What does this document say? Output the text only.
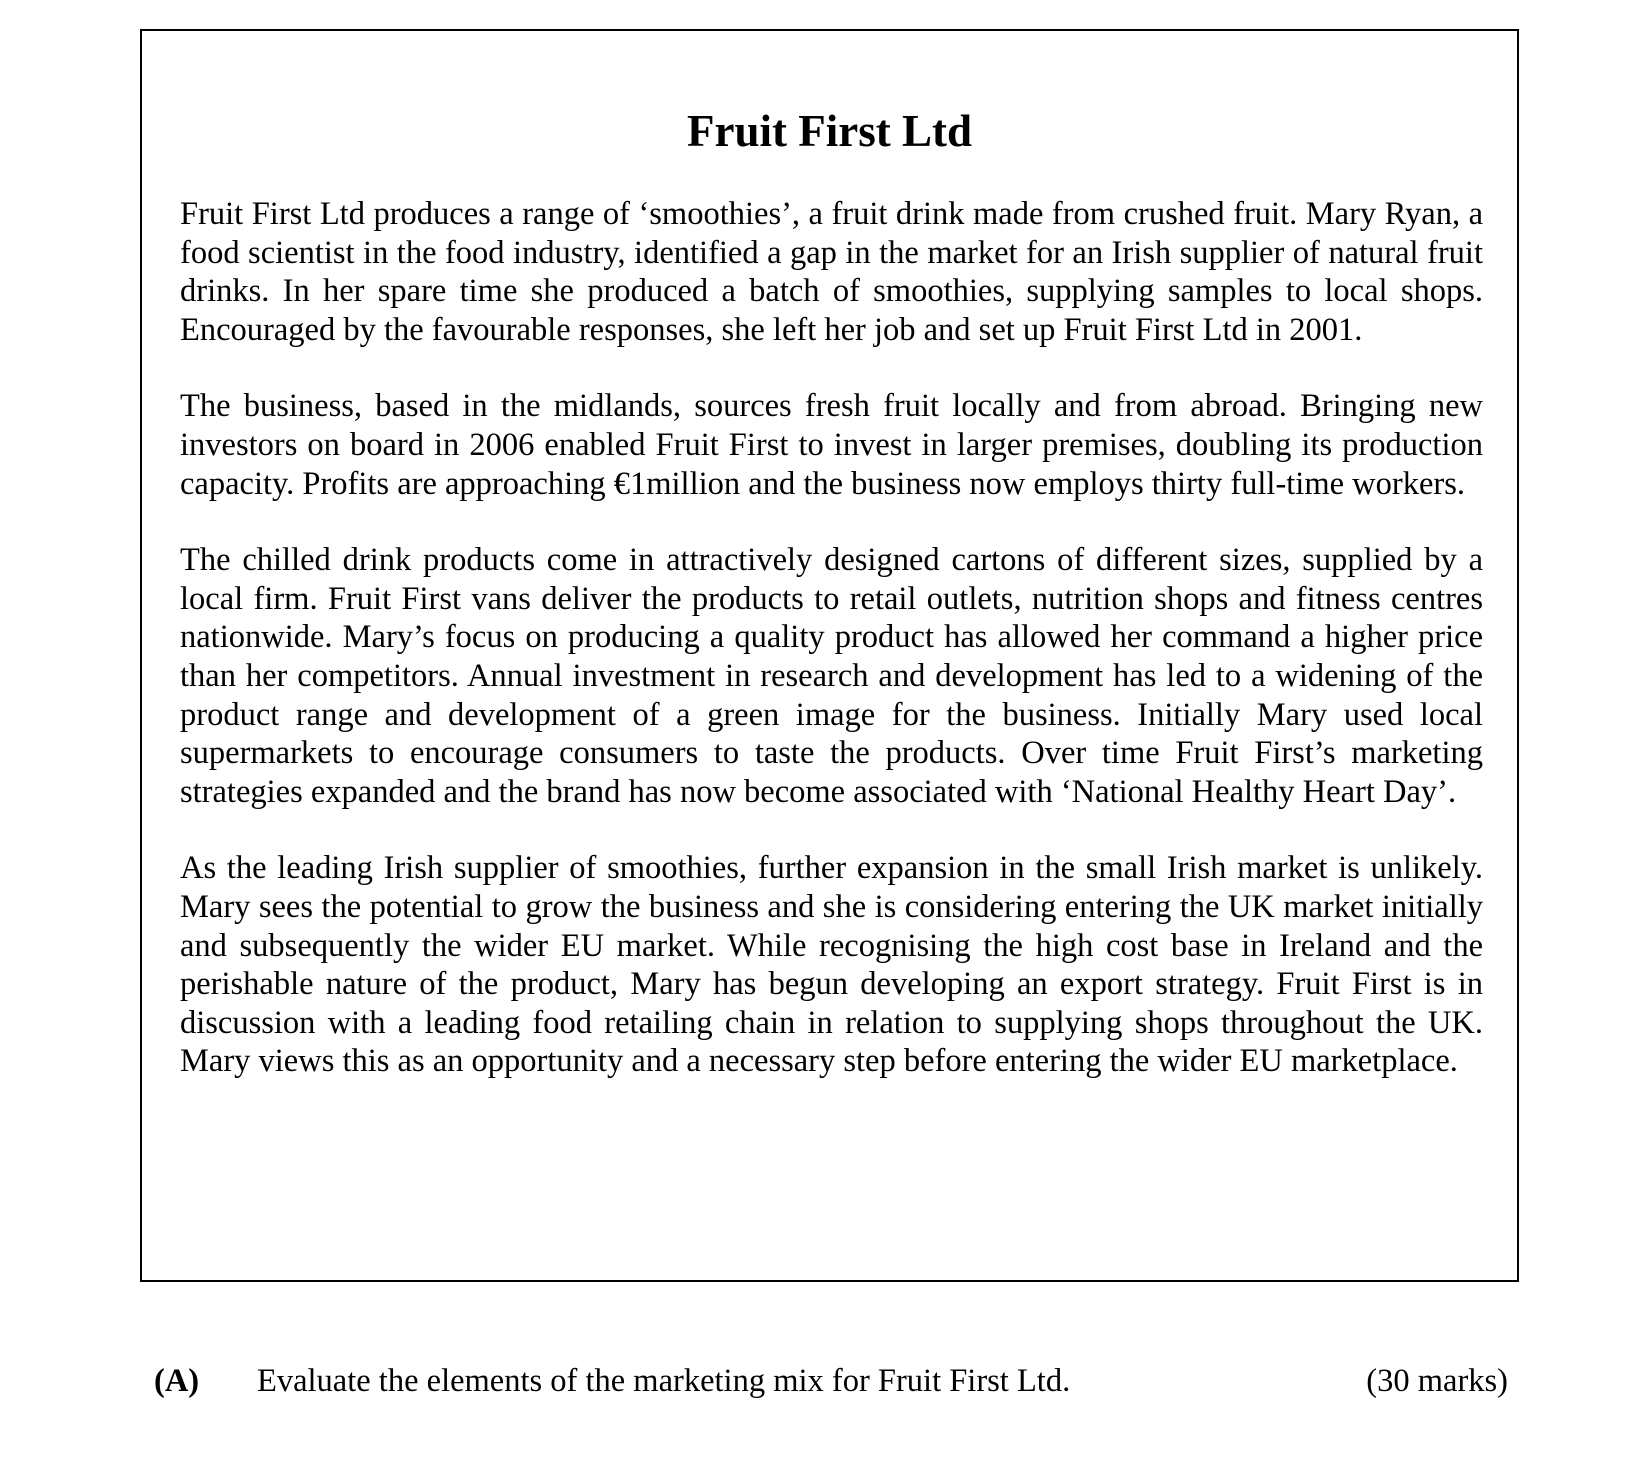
Fruit First Ltd

Fruit First Ltd produces a range of ‘smoothies’, a fruit drink made from crushed fruit. Mary Ryan, a food scientist in the food industry, identified a gap in the market for an Irish supplier of natural fruit drinks. In her spare time she produced a batch of smoothies, supplying samples to local shops. Encouraged by the favourable responses, she left her job and set up Fruit First Ltd in 2001.

The business, based in the midlands, sources fresh fruit locally and from abroad. Bringing new investors on board in 2006 enabled Fruit First to invest in larger premises, doubling its production capacity. Profits are approaching €1million and the business now employs thirty full-time workers.

The chilled drink products come in attractively designed cartons of different sizes, supplied by a local firm. Fruit First vans deliver the products to retail outlets, nutrition shops and fitness centres nationwide. Mary’s focus on producing a quality product has allowed her command a higher price than her competitors. Annual investment in research and development has led to a widening of the product range and development of a green image for the business. Initially Mary used local supermarkets to encourage consumers to taste the products. Over time Fruit First’s marketing strategies expanded and the brand has now become associated with ‘National Healthy Heart Day’.

As the leading Irish supplier of smoothies, further expansion in the small Irish market is unlikely. Mary sees the potential to grow the business and she is considering entering the UK market initially and subsequently the wider EU market. While recognising the high cost base in Ireland and the perishable nature of the product, Mary has begun developing an export strategy. Fruit First is in discussion with a leading food retailing chain in relation to supplying shops throughout the UK. Mary views this as an opportunity and a necessary step before entering the wider EU marketplace.

(A) Evaluate the elements of the marketing mix for Fruit First Ltd.	(30 marks)
